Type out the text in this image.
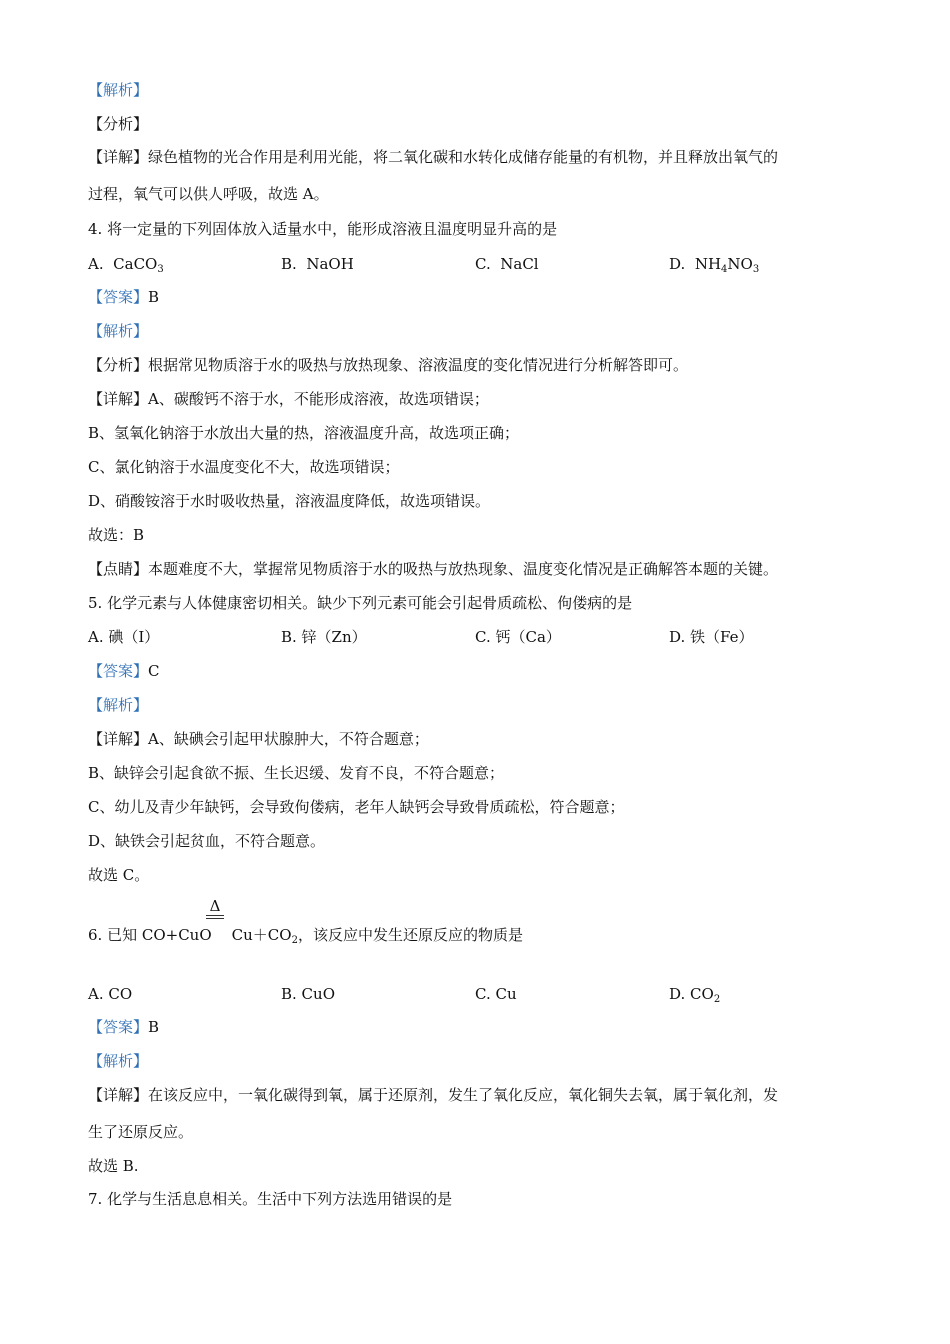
【解析】
【分析】
【详解】绿色植物的光合作用是利用光能，将二氧化碳和水转化成储存能量的有机物，并且释放出氧气的
过程，氧气可以供人呼吸，故选 A。
4. 将一定量的下列固体放入适量水中，能形成溶液且温度明显升高的是
A. CaCO$_3$	B. NaOH	C. NaCl	D. $NH_4NO_3$
【答案】B
【解析】
【分析】根据常见物质溶于水的吸热与放热现象、溶液温度的变化情况进行分析解答即可。
【详解】A、碳酸钙不溶于水，不能形成溶液，故选项错误；
B、氢氧化钠溶于水放出大量的热，溶液温度升高，故选项正确；
C、氯化钠溶于水温度变化不大，故选项错误；
D、硝酸铵溶于水时吸收热量，溶液温度降低，故选项错误。
故选：B
【点睛】本题难度不大，掌握常见物质溶于水的吸热与放热现象、温度变化情况是正确解答本题的关键。
5. 化学元素与人体健康密切相关。缺少下列元素可能会引起骨质疏松、佝偻病的是
A. 碘（I）	B. 锌（Zn）	C. 钙（Ca）	D. 铁（Fe）
【答案】C
【解析】
【详解】A、缺碘会引起甲状腺肿大，不符合题意；
B、缺锌会引起食欲不振、生长迟缓、发育不良，不符合题意；
C、幼儿及青少年缺钙，会导致佝偻病，老年人缺钙会导致骨质疏松，符合题意；
D、缺铁会引起贫血，不符合题意。
故选 C。
Δ
6. 已知 CO+CuO $Cu+CO_2$，该反应中发生还原反应的物质是
A. CO	B. CuO	C. Cu	D. $CO_2$
【答案】B
【解析】
【详解】在该反应中，一氧化碳得到氧，属于还原剂，发生了氧化反应，氧化铜失去氧，属于氧化剂，发
生了还原反应。
故选 B.
7. 化学与生活息息相关。生活中下列方法选用错误的是
